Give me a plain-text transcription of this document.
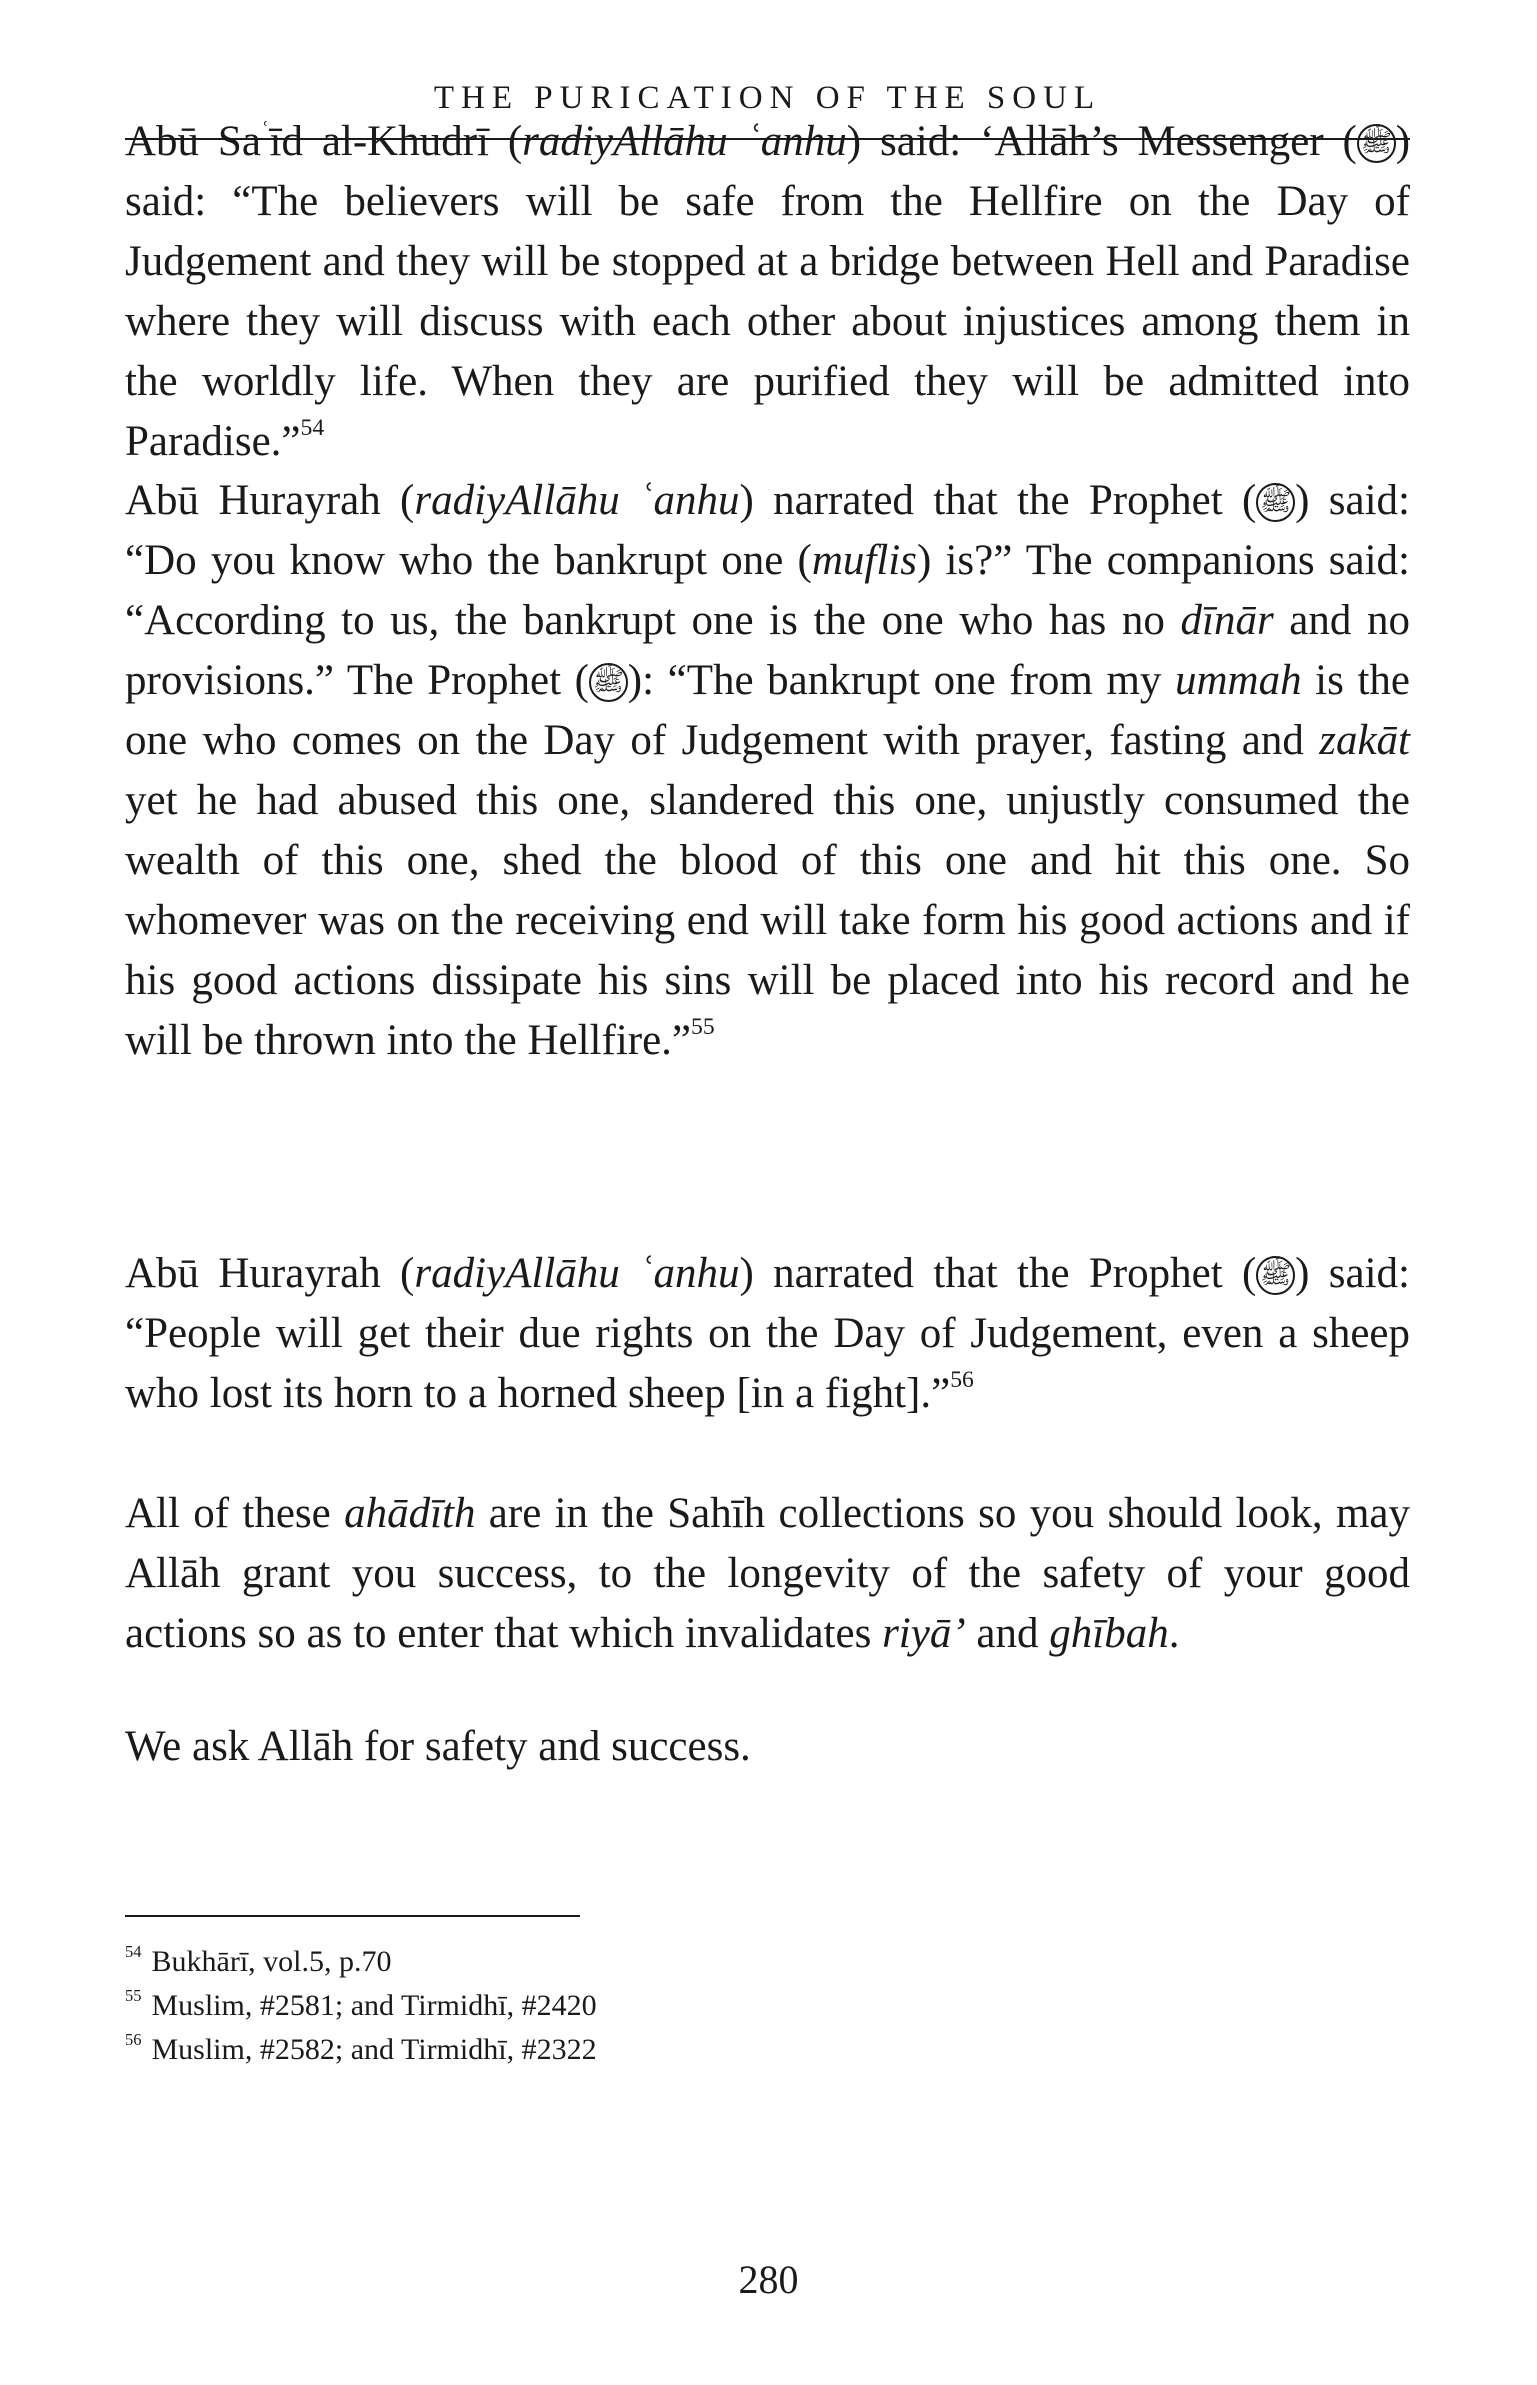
THE PURICATION OF THE SOUL

Abū $Sa^ʿīd$ al-Khudrī (radiyAllāhu ʿanhu) said: ‘Allāh’s Messenger ( ﷺ) said: “The believers will be safe from the Hellfire on the Day of Judgement and they will be stopped at a bridge between Hell and Paradise where they will discuss with each other about injustices among them in the worldly life. When they are purified they will be admitted into Paradise.”$^{54}$

Abū Hurayrah (radiyAllāhu ʿanhu) narrated that the Prophet ( ﷺ) said: “Do you know who the bankrupt one (muflis) is?” The companions said: “According to us, the bankrupt one is the one who has no dīnār and no provisions.” The Prophet ( ﷺ): “The bankrupt one from my ummah is the one who comes on the Day of Judgement with prayer, fasting and zakāt yet he had abused this one, slandered this one, unjustly consumed the wealth of this one, shed the blood of this one and hit this one. So whomever was on the receiving end will take form his good actions and if his good actions dissipate his sins will be placed into his record and he will be thrown into the Hellfire.”$^{55}$

Abū Hurayrah (radiyAllāhu ʿanhu) narrated that the Prophet ( ﷺ) said: “People will get their due rights on the Day of Judgement, even a sheep who lost its horn to a horned sheep [in a fight].”$^{56}$

All of these ahādīth are in the Sahīh collections so you should look, may Allāh grant you success, to the longevity of the safety of your good actions so as to enter that which invalidates riyā’ and ghībah.

We ask Allāh for safety and success.

$^{54}$ Bukhārī, vol.5, p.70

$^{55}$ Muslim, #2581; and Tirmidhī, #2420

$^{56}$ Muslim, #2582; and Tirmidhī, #2322

280
